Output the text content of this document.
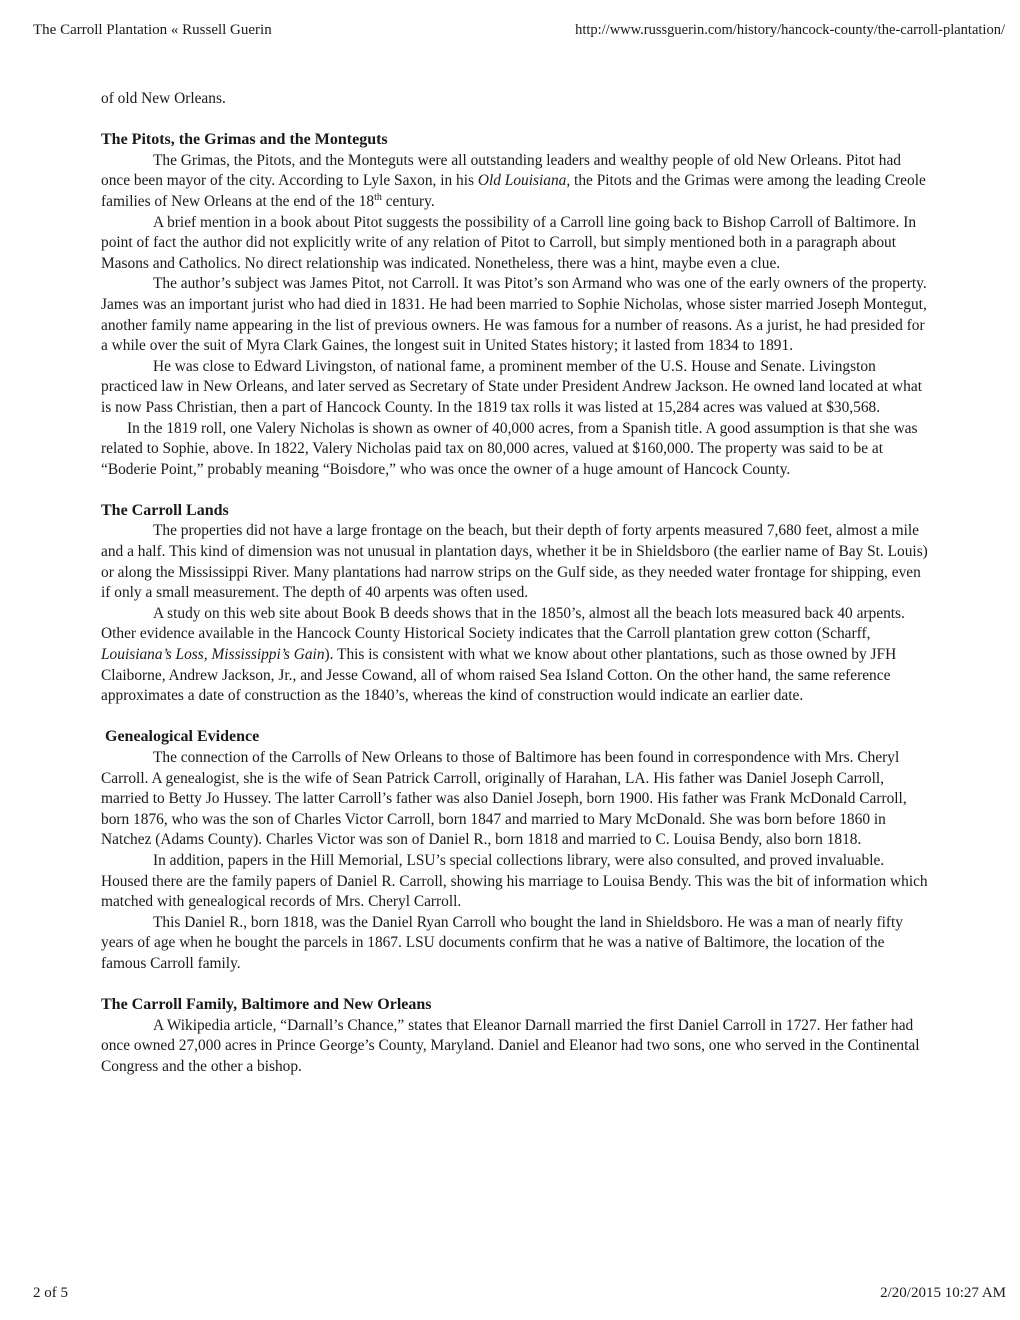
The Carroll Plantation « Russell Guerin	http://www.russguerin.com/history/hancock-county/the-carroll-plantation/

of old New Orleans.

The Pitots, the Grimas and the Monteguts

The Grimas, the Pitots, and the Monteguts were all outstanding leaders and wealthy people of old New Orleans. Pitot had once been mayor of the city. According to Lyle Saxon, in his Old Louisiana, the Pitots and the Grimas were among the leading Creole families of New Orleans at the end of the 18th century.

A brief mention in a book about Pitot suggests the possibility of a Carroll line going back to Bishop Carroll of Baltimore. In point of fact the author did not explicitly write of any relation of Pitot to Carroll, but simply mentioned both in a paragraph about Masons and Catholics. No direct relationship was indicated. Nonetheless, there was a hint, maybe even a clue.

The author’s subject was James Pitot, not Carroll. It was Pitot’s son Armand who was one of the early owners of the property. James was an important jurist who had died in 1831. He had been married to Sophie Nicholas, whose sister married Joseph Montegut, another family name appearing in the list of previous owners. He was famous for a number of reasons. As a jurist, he had presided for a while over the suit of Myra Clark Gaines, the longest suit in United States history; it lasted from 1834 to 1891.

He was close to Edward Livingston, of national fame, a prominent member of the U.S. House and Senate. Livingston practiced law in New Orleans, and later served as Secretary of State under President Andrew Jackson. He owned land located at what is now Pass Christian, then a part of Hancock County. In the 1819 tax rolls it was listed at 15,284 acres was valued at $30,568.

In the 1819 roll, one Valery Nicholas is shown as owner of 40,000 acres, from a Spanish title. A good assumption is that she was related to Sophie, above. In 1822, Valery Nicholas paid tax on 80,000 acres, valued at $160,000. The property was said to be at “Boderie Point,” probably meaning “Boisdore,” who was once the owner of a huge amount of Hancock County.

The Carroll Lands

The properties did not have a large frontage on the beach, but their depth of forty arpents measured 7,680 feet, almost a mile and a half. This kind of dimension was not unusual in plantation days, whether it be in Shieldsboro (the earlier name of Bay St. Louis) or along the Mississippi River. Many plantations had narrow strips on the Gulf side, as they needed water frontage for shipping, even if only a small measurement. The depth of 40 arpents was often used.

A study on this web site about Book B deeds shows that in the 1850’s, almost all the beach lots measured back 40 arpents. Other evidence available in the Hancock County Historical Society indicates that the Carroll plantation grew cotton (Scharff, Louisiana’s Loss, Mississippi’s Gain). This is consistent with what we know about other plantations, such as those owned by JFH Claiborne, Andrew Jackson, Jr., and Jesse Cowand, all of whom raised Sea Island Cotton. On the other hand, the same reference approximates a date of construction as the 1840’s, whereas the kind of construction would indicate an earlier date.

Genealogical Evidence

The connection of the Carrolls of New Orleans to those of Baltimore has been found in correspondence with Mrs. Cheryl Carroll. A genealogist, she is the wife of Sean Patrick Carroll, originally of Harahan, LA. His father was Daniel Joseph Carroll, married to Betty Jo Hussey. The latter Carroll’s father was also Daniel Joseph, born 1900. His father was Frank McDonald Carroll, born 1876, who was the son of Charles Victor Carroll, born 1847 and married to Mary McDonald. She was born before 1860 in Natchez (Adams County). Charles Victor was son of Daniel R., born 1818 and married to C. Louisa Bendy, also born 1818.

In addition, papers in the Hill Memorial, LSU’s special collections library, were also consulted, and proved invaluable. Housed there are the family papers of Daniel R. Carroll, showing his marriage to Louisa Bendy. This was the bit of information which matched with genealogical records of Mrs. Cheryl Carroll.

This Daniel R., born 1818, was the Daniel Ryan Carroll who bought the land in Shieldsboro. He was a man of nearly fifty years of age when he bought the parcels in 1867. LSU documents confirm that he was a native of Baltimore, the location of the famous Carroll family.

The Carroll Family, Baltimore and New Orleans

A Wikipedia article, “Darnall’s Chance,” states that Eleanor Darnall married the first Daniel Carroll in 1727. Her father had once owned 27,000 acres in Prince George’s County, Maryland. Daniel and Eleanor had two sons, one who served in the Continental Congress and the other a bishop.

2 of 5	2/20/2015 10:27 AM
